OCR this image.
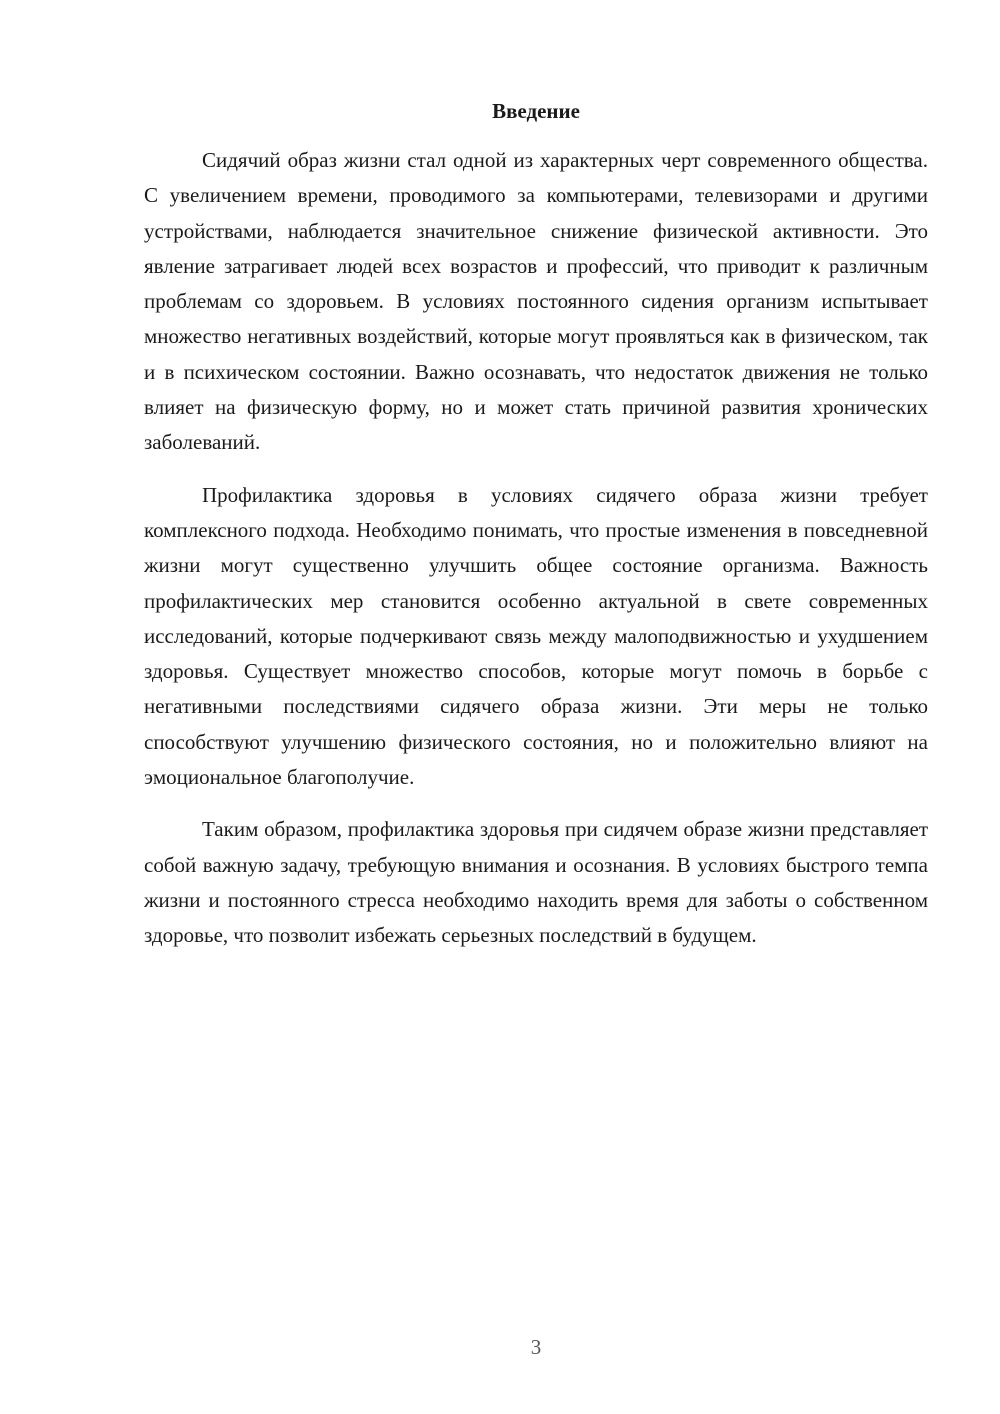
Введение

Сидячий образ жизни стал одной из характерных черт современного общества. С увеличением времени, проводимого за компьютерами, телевизорами и другими устройствами, наблюдается значительное снижение физической активности. Это явление затрагивает людей всех возрастов и профессий, что приводит к различным проблемам со здоровьем. В условиях постоянного сидения организм испытывает множество негативных воздействий, которые могут проявляться как в физическом, так и в психическом состоянии. Важно осознавать, что недостаток движения не только влияет на физическую форму, но и может стать причиной развития хронических заболеваний.

Профилактика здоровья в условиях сидячего образа жизни требует комплексного подхода. Необходимо понимать, что простые изменения в повседневной жизни могут существенно улучшить общее состояние организма. Важность профилактических мер становится особенно актуальной в свете современных исследований, которые подчеркивают связь между малоподвижностью и ухудшением здоровья. Существует множество способов, которые могут помочь в борьбе с негативными последствиями сидячего образа жизни. Эти меры не только способствуют улучшению физического состояния, но и положительно влияют на эмоциональное благополучие.

Таким образом, профилактика здоровья при сидячем образе жизни представляет собой важную задачу, требующую внимания и осознания. В условиях быстрого темпа жизни и постоянного стресса необходимо находить время для заботы о собственном здоровье, что позволит избежать серьезных последствий в будущем.

3
